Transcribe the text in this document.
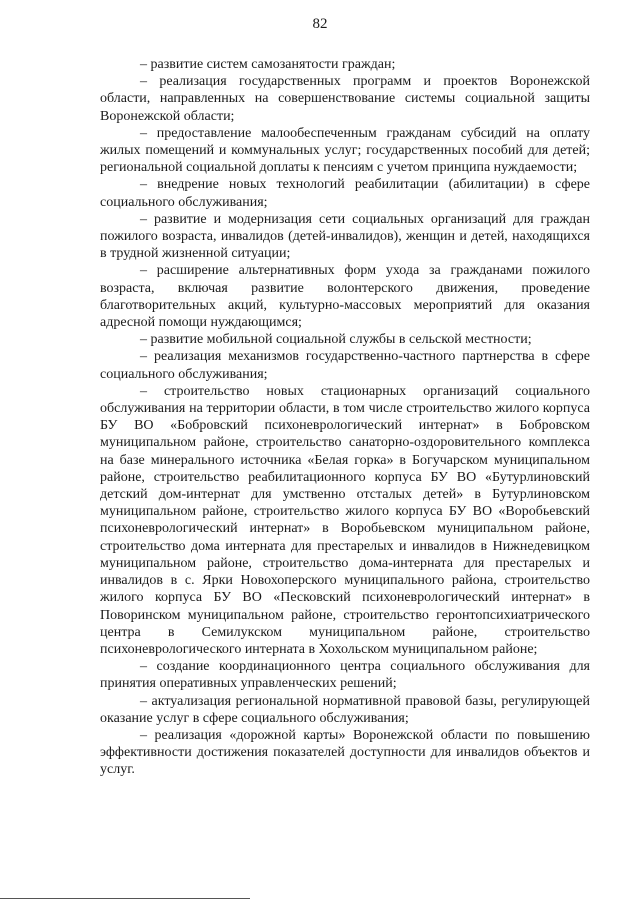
82

– развитие систем самозанятости граждан;

– реализация государственных программ и проектов Воронежской области, направленных на совершенствование системы социальной защиты Воронежской области;

– предоставление малообеспеченным гражданам субсидий на оплату жилых помещений и коммунальных услуг; государственных пособий для детей; региональной социальной доплаты к пенсиям с учетом принципа нуждаемости;

– внедрение новых технологий реабилитации (абилитации) в сфере социального обслуживания;

– развитие и модернизация сети социальных организаций для граждан пожилого возраста, инвалидов (детей-инвалидов), женщин и детей, находящихся в трудной жизненной ситуации;

– расширение альтернативных форм ухода за гражданами пожилого возраста, включая развитие волонтерского движения, проведение благотворительных акций, культурно-массовых мероприятий для оказания адресной помощи нуждающимся;

– развитие мобильной социальной службы в сельской местности;

– реализация механизмов государственно-частного партнерства в сфере социального обслуживания;

– строительство новых стационарных организаций социального обслуживания на территории области, в том числе строительство жилого корпуса БУ ВО «Бобровский психоневрологический интернат» в Бобровском муниципальном районе, строительство санаторно-оздоровительного комплекса на базе минерального источника «Белая горка» в Богучарском муниципальном районе, строительство реабилитационного корпуса БУ ВО «Бутурлиновский детский дом-интернат для умственно отсталых детей» в Бутурлиновском муниципальном районе, строительство жилого корпуса БУ ВО «Воробьевский психоневрологический интернат» в Воробьевском муниципальном районе, строительство дома интерната для престарелых и инвалидов в Нижнедевицком муниципальном районе, строительство дома-интерната для престарелых и инвалидов в с. Ярки Новохоперского муниципального района, строительство жилого корпуса БУ ВО «Песковский психоневрологический интернат» в Поворинском муниципальном районе, строительство геронтопсихиатрического центра в Семилукском муниципальном районе, строительство психоневрологического интерната в Хохольском муниципальном районе;

– создание координационного центра социального обслуживания для принятия оперативных управленческих решений;

– актуализация региональной нормативной правовой базы, регулирующей оказание услуг в сфере социального обслуживания;

– реализация «дорожной карты» Воронежской области по повышению эффективности достижения показателей доступности для инвалидов объектов и услуг.
